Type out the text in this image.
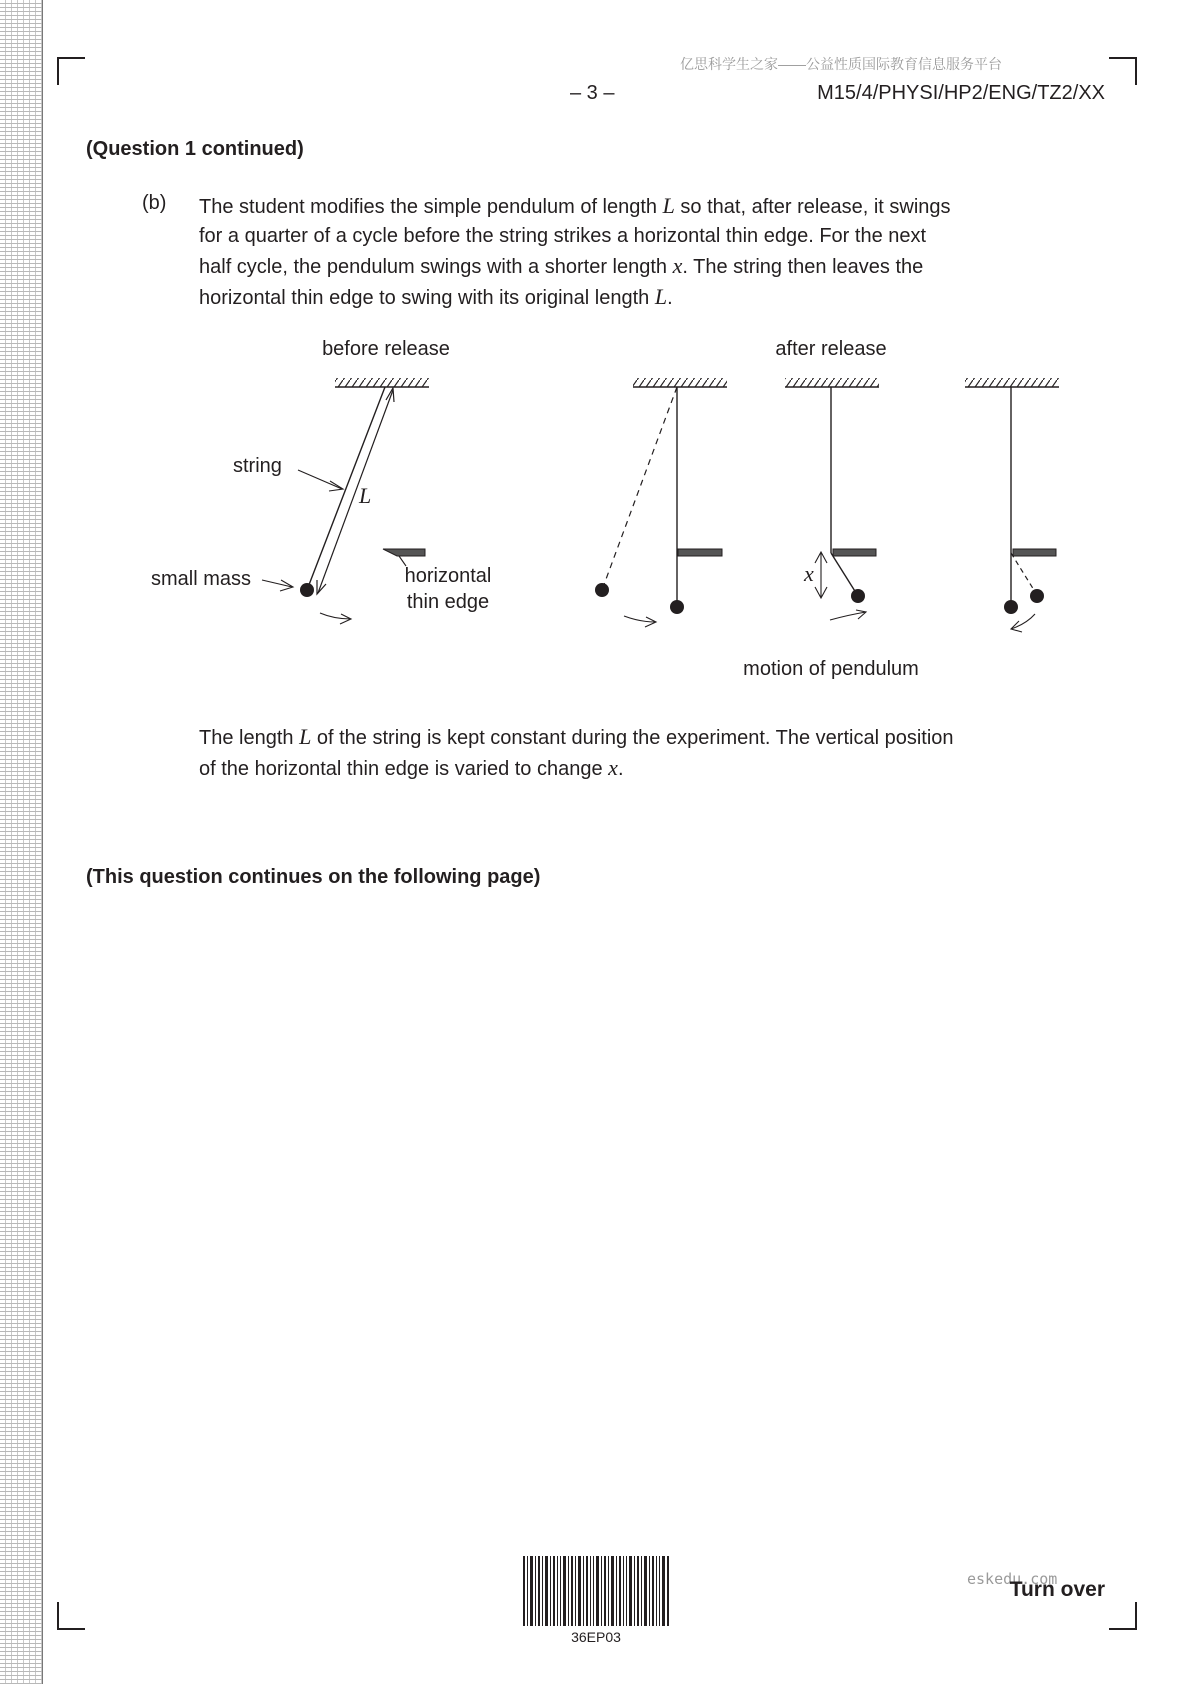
亿思科学生之家——公益性质国际教育信息服务平台
– 3 –	M15/4/PHYSI/HP2/ENG/TZ2/XX
(Question 1 continued)
(b) The student modifies the simple pendulum of length L so that, after release, it swings

for a quarter of a cycle before the string strikes a horizontal thin edge. For the next

half cycle, the pendulum swings with a shorter length x. The string then leaves the

horizontal thin edge to swing with its original length L.

before release	after release
L
string
small mass	horizontal
thin edge
x
motion of pendulum

The length L of the string is kept constant during the experiment. The vertical position

of the horizontal thin edge is varied to change x.

(This question continues on the following page)
36EP03
eskedu.com
Turn over
